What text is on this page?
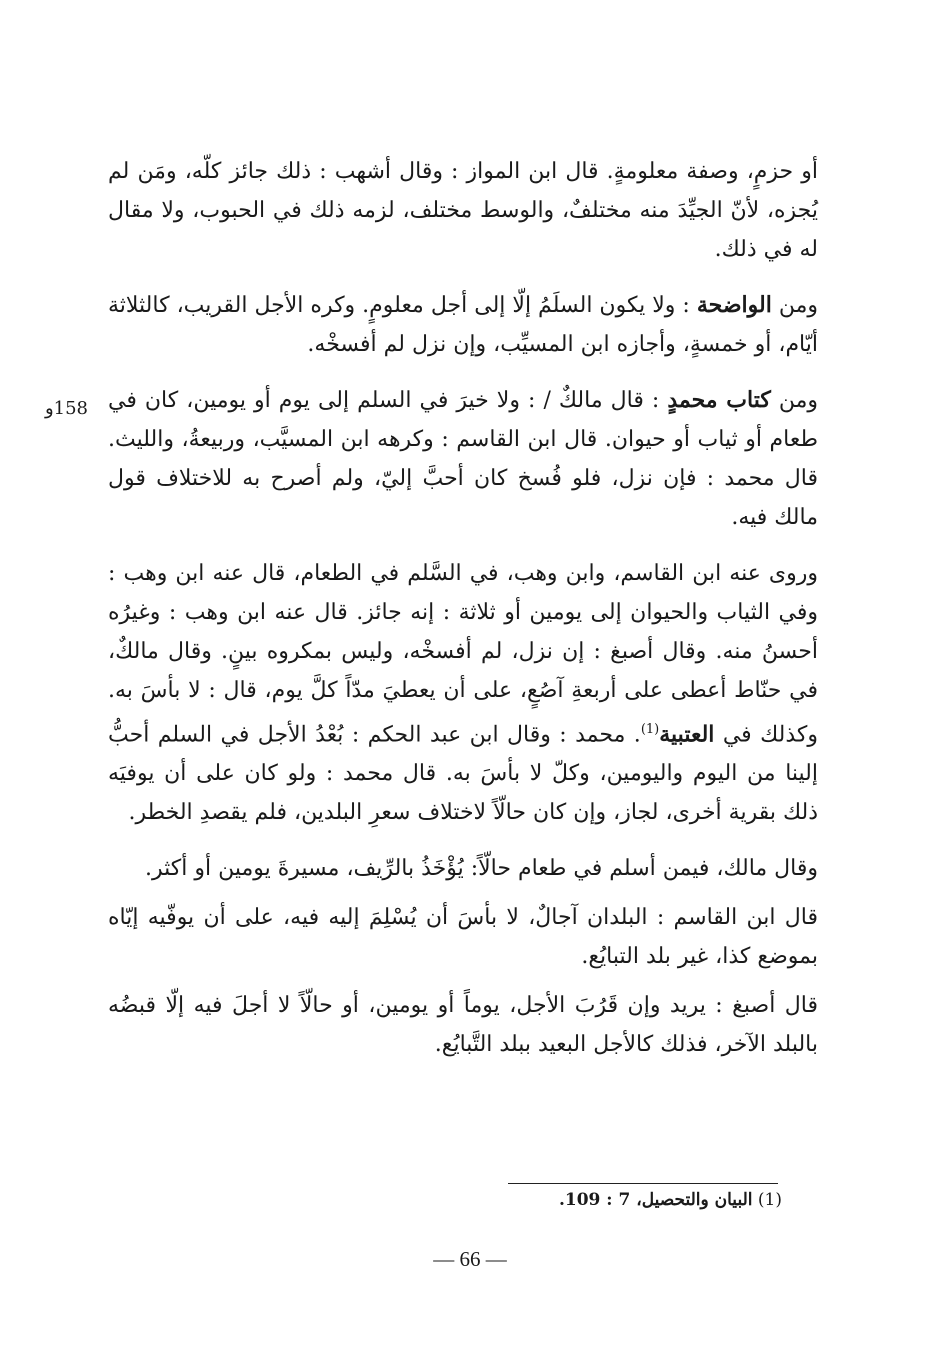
158و

أو حزمٍ، وصفة معلومةٍ. قال ابن المواز : وقال أشهب : ذلك جائز كلّه، ومَن لم يُجزه، لأنّ الجيِّدَ منه مختلفٌ، والوسط مختلف، لزمه ذلك في الحبوب، ولا مقال له في ذلك.

ومن الواضحة : ولا يكون السلَمُ إلّا إلى أجل معلومٍ. وكره الأجل القريب، كالثلاثة أيّام، أو خمسةٍ، وأجازه ابن المسيِّب، وإن نزل لم أفسخْه.

ومن كتاب محمدٍ : قال مالكٌ / : ولا خيرَ في السلم إلى يوم أو يومين، كان في طعام أو ثياب أو حيوان. قال ابن القاسم : وكرهه ابن المسيَّب، وربيعةُ، والليث. قال محمد : فإن نزل، فلو فُسخ كان أحبَّ إليّ، ولم أصرح به للاختلاف قول مالك فيه.

وروى عنه ابن القاسم، وابن وهب، في السَّلم في الطعام، قال عنه ابن وهب : وفي الثياب والحيوان إلى يومين أو ثلاثة : إنه جائز. قال عنه ابن وهب : وغيرُه أحسنُ منه. وقال أصبغ : إن نزل، لم أفسخْه، وليس بمكروه بينٍ. وقال مالكٌ، في حنّاط أعطى على أربعةِ آصُعٍ، على أن يعطيَ مدّاً كلَّ يوم، قال : لا بأسَ به. وكذلك في العتبية$^{(1)}$. محمد : وقال ابن عبد الحكم : بُعْدُ الأجل في السلم أحبُّ إلينا من اليوم واليومين، وكلّ لا بأسَ به. قال محمد : ولو كان على أن يوفيَه ذلك بقرية أخرى، لجاز، وإن كان حالّاً لاختلاف سعرِ البلدين، فلم يقصدِ الخطر.

وقال مالك، فيمن أسلم في طعام حالّاً: يُؤْخَذُ بالرِّيف، مسيرةَ يومين أو أكثر.

قال ابن القاسم : البلدان آجالٌ، لا بأسَ أن يُسْلِمَ إليه فيه، على أن يوفّيه إيّاه بموضع كذا، غير بلد التبايُع.

قال أصبغ : يريد وإن قَرُبَ الأجل، يوماً أو يومين، أو حالّاً لا أجلَ فيه إلّا قبضُه بالبلد الآخر، فذلك كالأجل البعيد ببلد التَّبايُع.

(1) البيان والتحصيل، 7 : 109.
— 66 —
